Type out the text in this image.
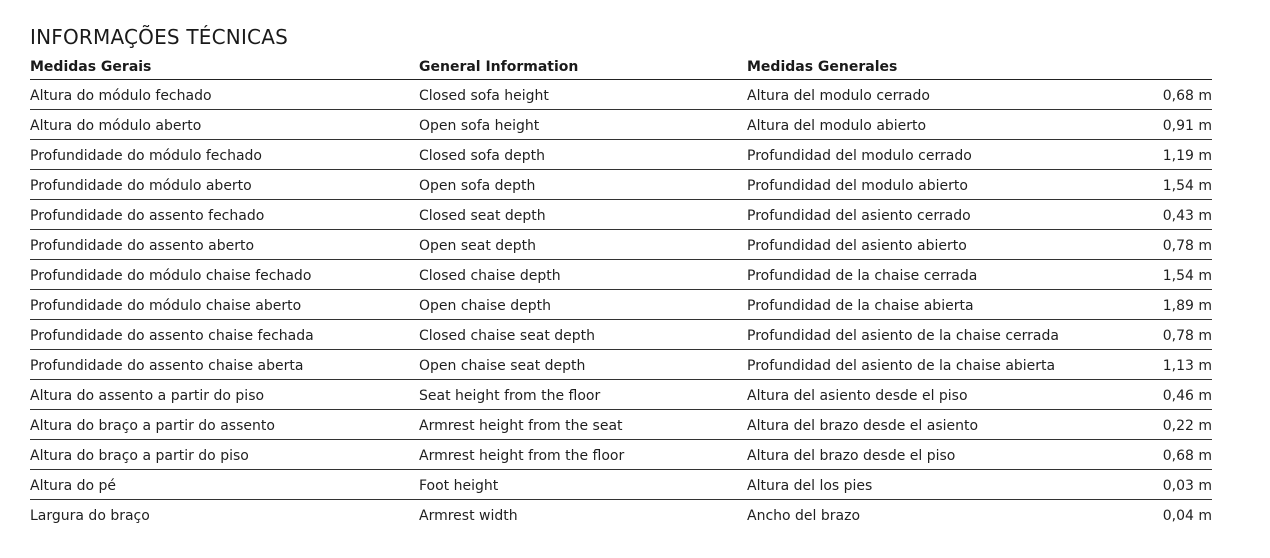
INFORMAÇÕES TÉCNICAS
Medidas Gerais	General Information	Medidas Generales
Altura do módulo fechado	Closed sofa height	Altura del modulo cerrado	0,68 m
Altura do módulo aberto	Open sofa height	Altura del modulo abierto	0,91 m
Profundidade do módulo fechado	Closed sofa depth	Profundidad del modulo cerrado	1,19 m
Profundidade do módulo aberto	Open sofa depth	Profundidad del modulo abierto	1,54 m
Profundidade do assento fechado	Closed seat depth	Profundidad del asiento cerrado	0,43 m
Profundidade do assento aberto	Open seat depth	Profundidad del asiento abierto	0,78 m
Profundidade do módulo chaise fechado	Closed chaise depth	Profundidad de la chaise cerrada	1,54 m
Profundidade do módulo chaise aberto	Open chaise depth	Profundidad de la chaise abierta	1,89 m
Profundidade do assento chaise fechada	Closed chaise seat depth	Profundidad del asiento de la chaise cerrada	0,78 m
Profundidade do assento chaise aberta	Open chaise seat depth	Profundidad del asiento de la chaise abierta	1,13 m
Altura do assento a partir do piso	Seat height from the floor	Altura del asiento desde el piso	0,46 m
Altura do braço a partir do assento	Armrest height from the seat	Altura del brazo desde el asiento	0,22 m
Altura do braço a partir do piso	Armrest height from the floor	Altura del brazo desde el piso	0,68 m
Altura do pé	Foot height	Altura del los pies	0,03 m
Largura do braço	Armrest width	Ancho del brazo	0,04 m
